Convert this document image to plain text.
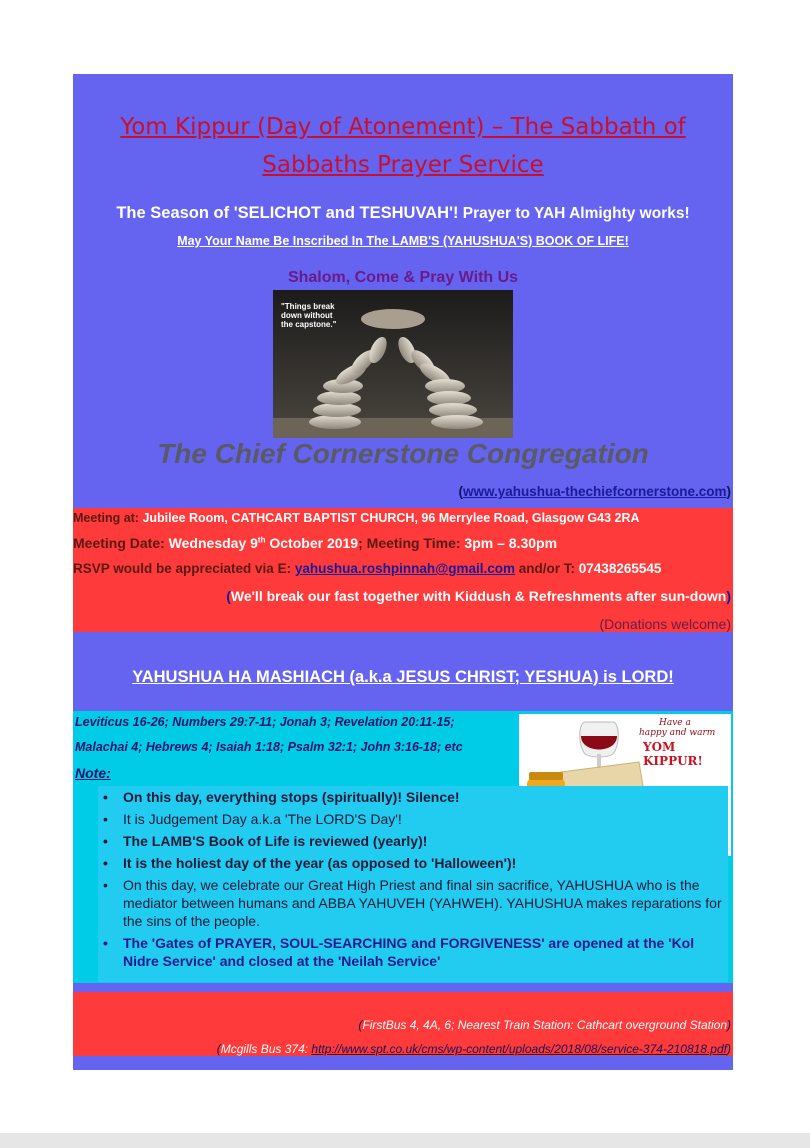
Yom Kippur (Day of Atonement) – The Sabbath of
Sabbaths Prayer Service
The Season of 'SELICHOT and TESHUVAH'! Prayer to YAH Almighty works!
May Your Name Be Inscribed In The LAMB'S (YAHUSHUA'S) BOOK OF LIFE!
Shalom, Come & Pray With Us
"Things break
down without
the capstone."
The Chief Cornerstone Congregation
(www.yahushua-thechiefcornerstone.com)
Meeting at: Jubilee Room, CATHCART BAPTIST CHURCH, 96 Merrylee Road, Glasgow G43 2RA
Meeting Date: Wednesday 9th October 2019; Meeting Time: 3pm – 8.30pm
RSVP would be appreciated via E: yahushua.roshpinnah@gmail.com and/or T: 07438265545
(We'll break our fast together with Kiddush & Refreshments after sun-down)
(Donations welcome)
YAHUSHUA HA MASHIACH (a.k.a JESUS CHRIST; YESHUA) is LORD!
Leviticus 16-26; Numbers 29:7-11; Jonah 3; Revelation 20:11-15;
Malachai 4; Hebrews 4; Isaiah 1:18; Psalm 32:1; John 3:16-18; etc
Note:
Have a
happy and warm
YOM KIPPUR!
• On this day, everything stops (spiritually)! Silence!
• It is Judgement Day a.k.a 'The LORD'S Day'!
• The LAMB'S Book of Life is reviewed (yearly)!
• It is the holiest day of the year (as opposed to 'Halloween')!
• On this day, we celebrate our Great High Priest and final sin sacrifice, YAHUSHUA who is the mediator between humans and ABBA YAHUVEH (YAHWEH). YAHUSHUA makes reparations for the sins of the people.
• The 'Gates of PRAYER, SOUL-SEARCHING and FORGIVENESS' are opened at the 'Kol Nidre Service' and closed at the 'Neilah Service'
(FirstBus 4, 4A, 6; Nearest Train Station: Cathcart overground Station)
(Mcgills Bus 374: http://www.spt.co.uk/cms/wp-content/uploads/2018/08/service-374-210818.pdf)
